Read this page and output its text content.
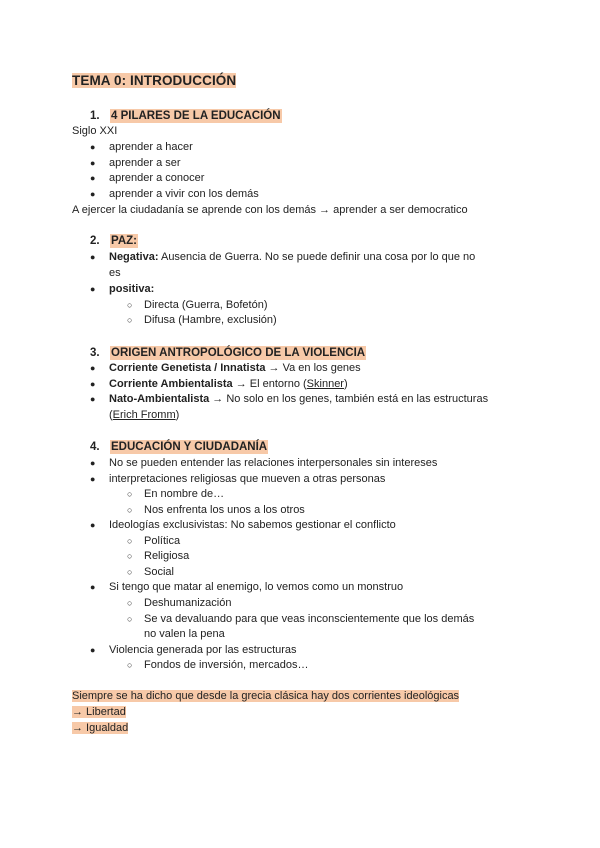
TEMA 0: INTRODUCCIÓN
1. 4 PILARES DE LA EDUCACIÓN
Siglo XXI
●	aprender a hacer
●	aprender a ser
●	aprender a conocer
●	aprender a vivir con los demás
A ejercer la ciudadanía se aprende con los demás → aprender a ser democratico
2. PAZ:
●	Negativa: Ausencia de Guerra. No se puede definir una cosa por lo que no
es
●	positiva:
○ Directa (Guerra, Bofetón)
○ Difusa (Hambre, exclusión)
3. ORIGEN ANTROPOLÓGICO DE LA VIOLENCIA
●	Corriente Genetista / Innatista → Va en los genes
●	Corriente Ambientalista → El entorno (Skinner)
●	Nato-Ambientalista → No solo en los genes, también está en las estructuras
(Erich Fromm)
4. EDUCACIÓN Y CIUDADANÍA
●	No se pueden entender las relaciones interpersonales sin intereses
●	interpretaciones religiosas que mueven a otras personas
○ En nombre de…
○ Nos enfrenta los unos a los otros
●	Ideologías exclusivistas: No sabemos gestionar el conflicto
○ Política
○ Religiosa
○ Social
●	Si tengo que matar al enemigo, lo vemos como un monstruo
○ Deshumanización
○ Se va devaluando para que veas inconscientemente que los demás
no valen la pena
●	Violencia generada por las estructuras
○ Fondos de inversión, mercados…
Siempre se ha dicho que desde la grecia clásica hay dos corrientes ideológicas
→ Libertad
→ Igualdad
